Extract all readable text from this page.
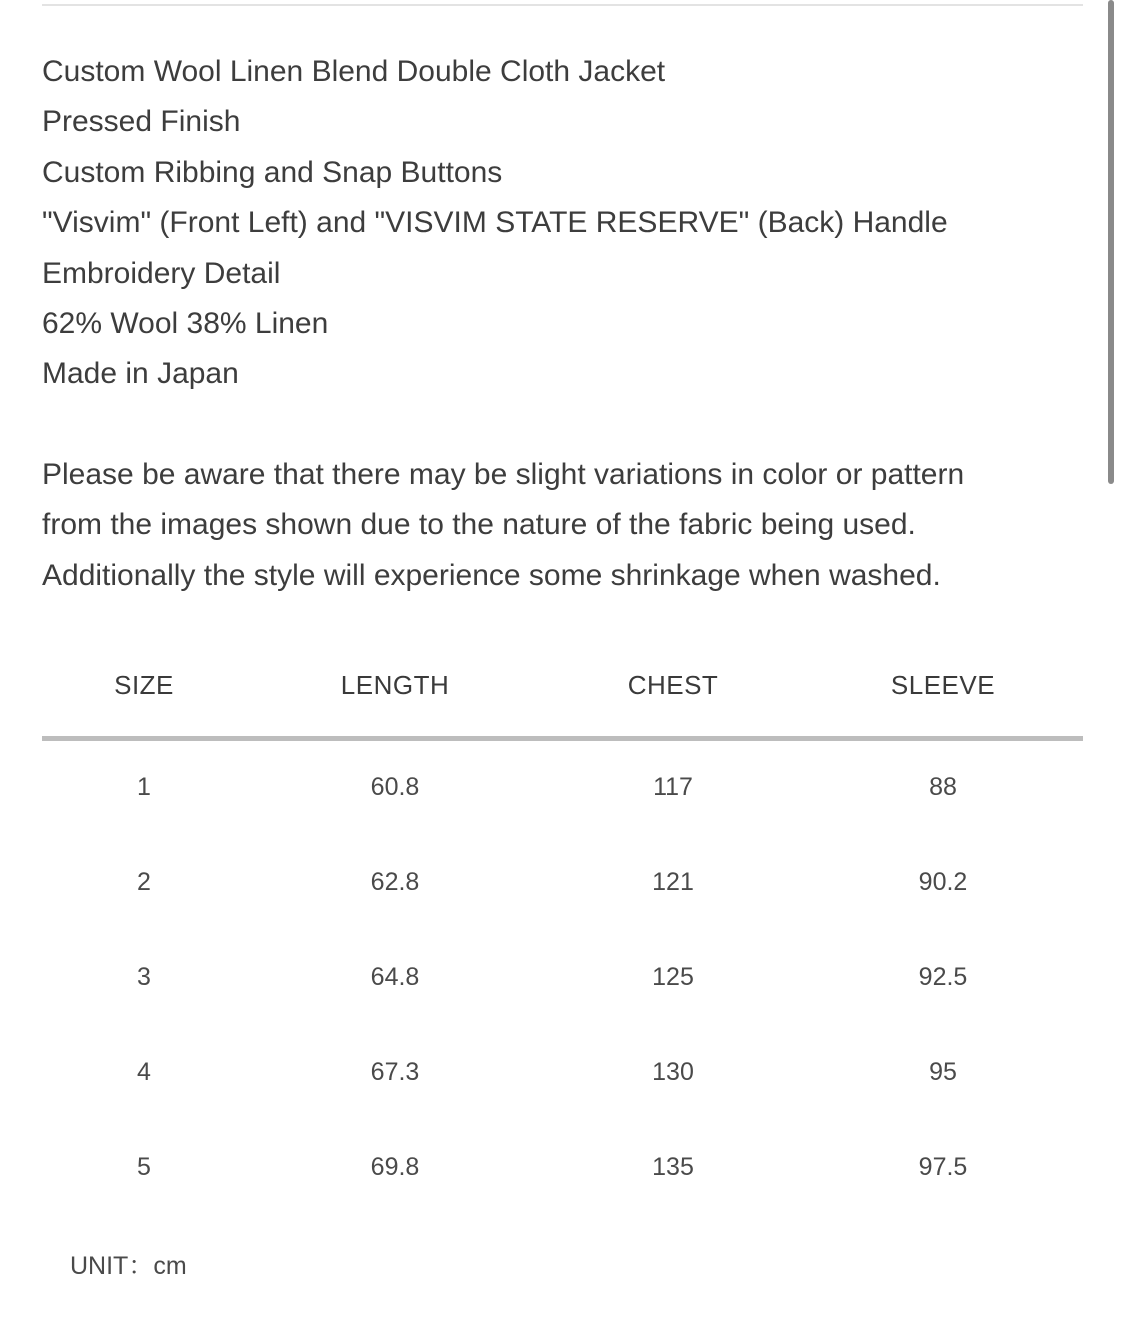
Custom Wool Linen Blend Double Cloth Jacket
Pressed Finish
Custom Ribbing and Snap Buttons
"Visvim" (Front Left) and "VISVIM STATE RESERVE" (Back) Handle
Embroidery Detail
62% Wool 38% Linen
Made in Japan

Please be aware that there may be slight variations in color or pattern

from the images shown due to the nature of the fabric being used.

Additionally the style will experience some shrinkage when washed.

SIZE	LENGTH	CHEST	SLEEVE
1	60.8	117	88
2	62.8	121	90.2
3	64.8	125	92.5
4	67.3	130	95
5	69.8	135	97.5
UNIT：cm
